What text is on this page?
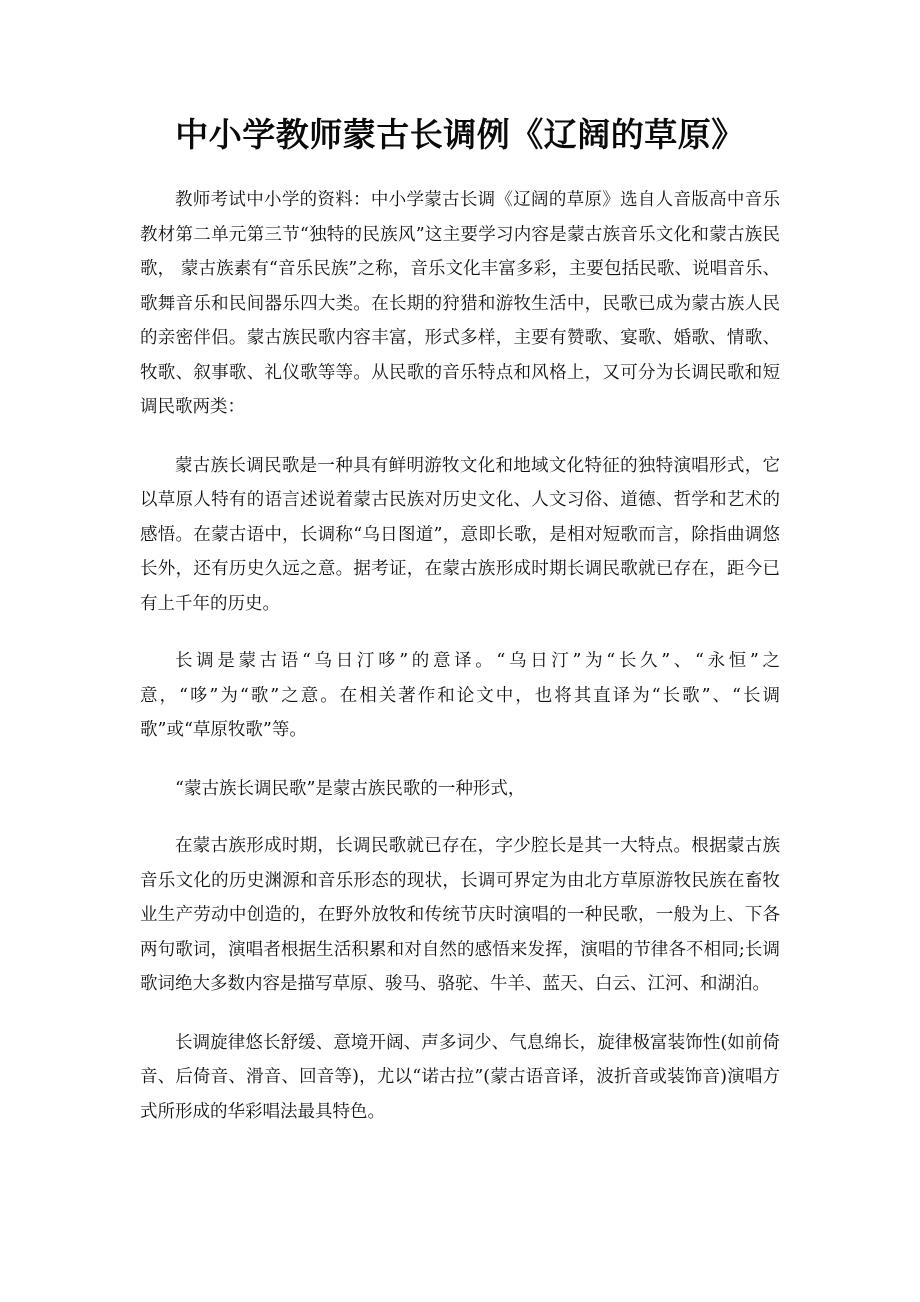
中小学教师蒙古长调例《辽阔的草原》

教师考试中小学的资料：中小学蒙古长调《辽阔的草原》选自人音版高中音乐教材第二单元第三节“独特的民族风”这主要学习内容是蒙古族音乐文化和蒙古族民歌， 蒙古族素有“音乐民族”之称，音乐文化丰富多彩，主要包括民歌、说唱音乐、歌舞音乐和民间器乐四大类。在长期的狩猎和游牧生活中，民歌已成为蒙古族人民的亲密伴侣。蒙古族民歌内容丰富，形式多样，主要有赞歌、宴歌、婚歌、情歌、牧歌、叙事歌、礼仪歌等等。从民歌的音乐特点和风格上，又可分为长调民歌和短调民歌两类：

蒙古族长调民歌是一种具有鲜明游牧文化和地域文化特征的独特演唱形式，它以草原人特有的语言述说着蒙古民族对历史文化、人文习俗、道德、哲学和艺术的感悟。在蒙古语中，长调称“乌日图道”，意即长歌，是相对短歌而言，除指曲调悠长外，还有历史久远之意。据考证，在蒙古族形成时期长调民歌就已存在，距今已有上千年的历史。

长调是蒙古语“乌日汀哆”的意译。“乌日汀”为“长久”、“永恒”之意，“哆”为“歌”之意。在相关著作和论文中，也将其直译为“长歌”、“长调歌”或“草原牧歌”等。

“蒙古族长调民歌”是蒙古族民歌的一种形式，

在蒙古族形成时期，长调民歌就已存在，字少腔长是其一大特点。根据蒙古族音乐文化的历史渊源和音乐形态的现状，长调可界定为由北方草原游牧民族在畜牧业生产劳动中创造的，在野外放牧和传统节庆时演唱的一种民歌，一般为上、下各两句歌词，演唱者根据生活积累和对自然的感悟来发挥，演唱的节律各不相同;长调歌词绝大多数内容是描写草原、骏马、骆驼、牛羊、蓝天、白云、江河、和湖泊。

长调旋律悠长舒缓、意境开阔、声多词少、气息绵长，旋律极富装饰性(如前倚音、后倚音、滑音、回音等)，尤以“诺古拉”(蒙古语音译，波折音或装饰音)演唱方式所形成的华彩唱法最具特色。
